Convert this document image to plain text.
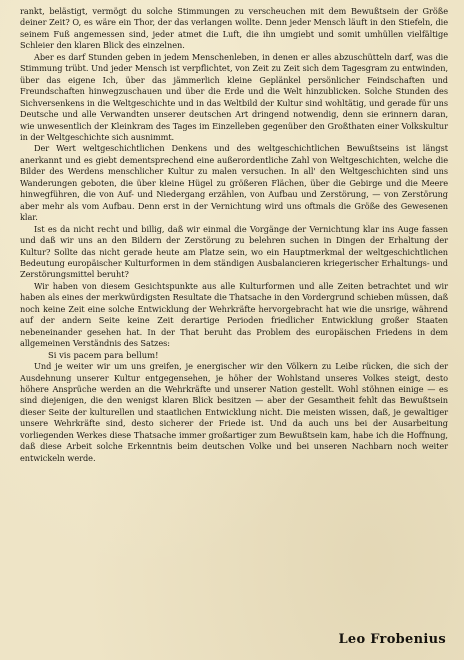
rankt, belästigt, vermögt du solche Stimmungen zu verscheuchen mit dem Bewußtsein der Größe deiner Zeit? O, es wäre ein Thor, der das verlangen wollte. Denn jeder Mensch läuft in den Stiefeln, die seinem Fuß angemessen sind, jeder atmet die Luft, die ihn umgiebt und somit umhüllen vielfältige Schleier den klaren Blick des einzelnen.

Aber es darf Stunden geben in jedem Menschenleben, in denen er alles abzuschütteln darf, was die Stimmung trübt. Und jeder Mensch ist verpflichtet, von Zeit zu Zeit sich dem Tagesgram zu entwinden, über das eigene Ich, über das jämmerlich kleine Geplänkel persönlicher Feindschaften und Freundschaften hinwegzuschauen und über die Erde und die Welt hinzublicken. Solche Stunden des Sichversenkens in die Weltgeschichte und in das Weltbild der Kultur sind wohltätig, und gerade für uns Deutsche und alle Verwandten unserer deutschen Art dringend notwendig, denn sie erinnern daran, wie unwesentlich der Kleinkram des Tages im Einzelleben gegenüber den Großthaten einer Volkskultur in der Weltgeschichte sich ausnimmt.

Der Wert weltgeschichtlichen Denkens und des weltgeschichtlichen Bewußtseins ist längst anerkannt und es giebt dementsprechend eine außerordentliche Zahl von Weltgeschichten, welche die Bilder des Werdens menschlicher Kultur zu malen versuchen. In all' den Weltgeschichten sind uns Wanderungen geboten, die über kleine Hügel zu größeren Flächen, über die Gebirge und die Meere hinwegführen, die von Auf- und Niedergang erzählen, von Aufbau und Zerstörung, — von Zerstörung aber mehr als vom Aufbau. Denn erst in der Vernichtung wird uns oftmals die Größe des Gewesenen klar.

Ist es da nicht recht und billig, daß wir einmal die Vorgänge der Vernichtung klar ins Auge fassen und daß wir uns an den Bildern der Zerstörung zu belehren suchen in Dingen der Erhaltung der Kultur? Sollte das nicht gerade heute am Platze sein, wo ein Hauptmerkmal der weltgeschichtlichen Bedeutung europäischer Kulturformen in dem ständigen Ausbalancieren kriegerischer Erhaltungs- und Zerstörungsmittel beruht?

Wir haben von diesem Gesichtspunkte aus alle Kulturformen und alle Zeiten betrachtet und wir haben als eines der merkwürdigsten Resultate die Thatsache in den Vordergrund schieben müssen, daß noch keine Zeit eine solche Entwicklung der Wehrkräfte hervorgebracht hat wie die unsrige, während auf der andern Seite keine Zeit derartige Perioden friedlicher Entwicklung großer Staaten nebeneinander gesehen hat. In der That beruht das Problem des europäischen Friedens in dem allgemeinen Verständnis des Satzes:

Si vis pacem para bellum!

Und je weiter wir um uns greifen, je energischer wir den Völkern zu Leibe rücken, die sich der Ausdehnung unserer Kultur entgegensehen, je höher der Wohlstand unseres Volkes steigt, desto höhere Ansprüche werden an die Wehrkräfte und unserer Nation gestellt. Wohl stöhnen einige — es sind diejenigen, die den wenigst klaren Blick besitzen — aber der Gesamtheit fehlt das Bewußtsein dieser Seite der kulturellen und staatlichen Entwicklung nicht. Die meisten wissen, daß, je gewaltiger unsere Wehrkräfte sind, desto sicherer der Friede ist. Und da auch uns bei der Ausarbeitung vorliegenden Werkes diese Thatsache immer großartiger zum Bewußtsein kam, habe ich die Hoffnung, daß diese Arbeit solche Erkenntnis beim deutschen Volke und bei unseren Nachbarn noch weiter entwickeln werde.

Leo Frobenius
